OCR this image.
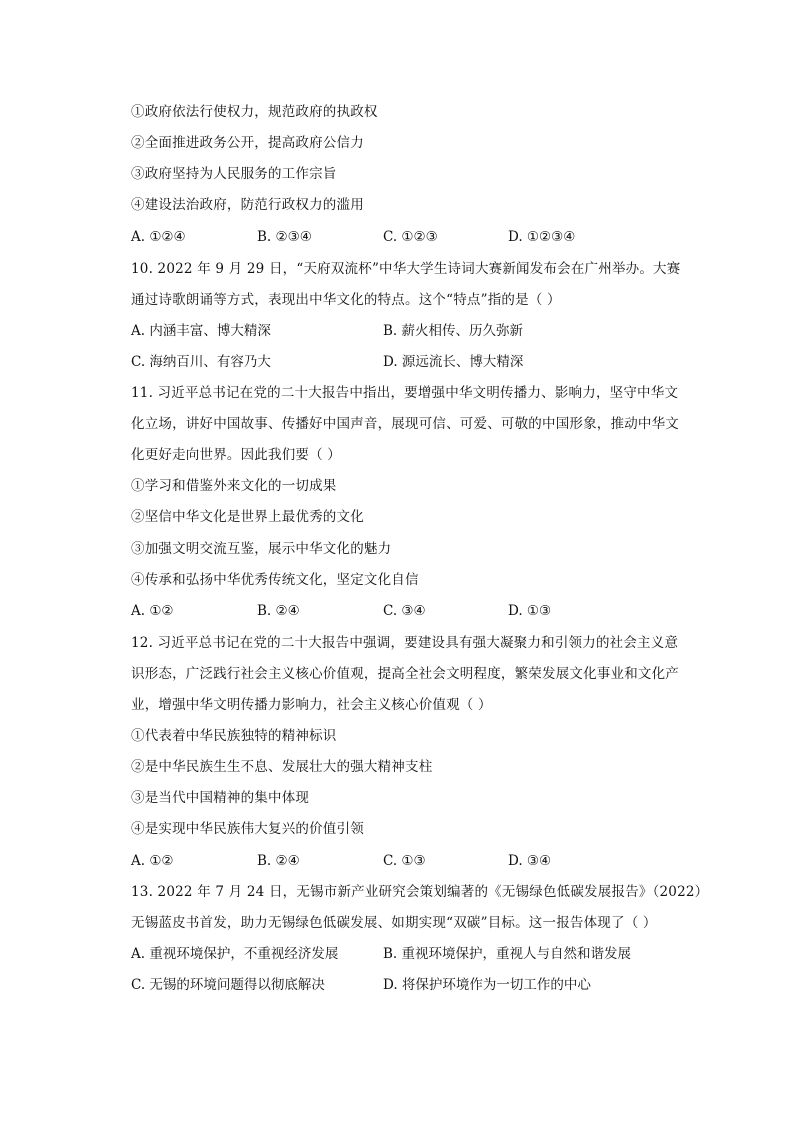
①政府依法行使权力，规范政府的执政权
②全面推进政务公开，提高政府公信力
③政府坚持为人民服务的工作宗旨
④建设法治政府，防范行政权力的滥用
A. ①②④	B. ②③④	C. ①②③	D. ①②③④
10. 2022 年 9 月 29 日，“天府双流杯”中华大学生诗词大赛新闻发布会在广州举办。大赛
通过诗歌朗诵等方式，表现出中华文化的特点。这个“特点”指的是（ ）
A. 内涵丰富、博大精深	B. 薪火相传、历久弥新
C. 海纳百川、有容乃大	D. 源远流长、博大精深
11. 习近平总书记在党的二十大报告中指出，要增强中华文明传播力、影响力，坚守中华文
化立场，讲好中国故事、传播好中国声音，展现可信、可爱、可敬的中国形象，推动中华文
化更好走向世界。因此我们要（ ）
①学习和借鉴外来文化的一切成果
②坚信中华文化是世界上最优秀的文化
③加强文明交流互鉴，展示中华文化的魅力
④传承和弘扬中华优秀传统文化，坚定文化自信
A. ①②	B. ②④	C. ③④	D. ①③
12. 习近平总书记在党的二十大报告中强调，要建设具有强大凝聚力和引领力的社会主义意
识形态，广泛践行社会主义核心价值观，提高全社会文明程度，繁荣发展文化事业和文化产
业，增强中华文明传播力影响力，社会主义核心价值观（ ）
①代表着中华民族独特的精神标识
②是中华民族生生不息、发展壮大的强大精神支柱
③是当代中国精神的集中体现
④是实现中华民族伟大复兴的价值引领
A. ①②	B. ②④	C. ①③	D. ③④
13. 2022 年 7 月 24 日，无锡市新产业研究会策划编著的《无锡绿色低碳发展报告》（2022）
无锡蓝皮书首发，助力无锡绿色低碳发展、如期实现“双碳”目标。这一报告体现了（ ）
A. 重视环境保护，不重视经济发展	B. 重视环境保护，重视人与自然和谐发展
C. 无锡的环境问题得以彻底解决	D. 将保护环境作为一切工作的中心
